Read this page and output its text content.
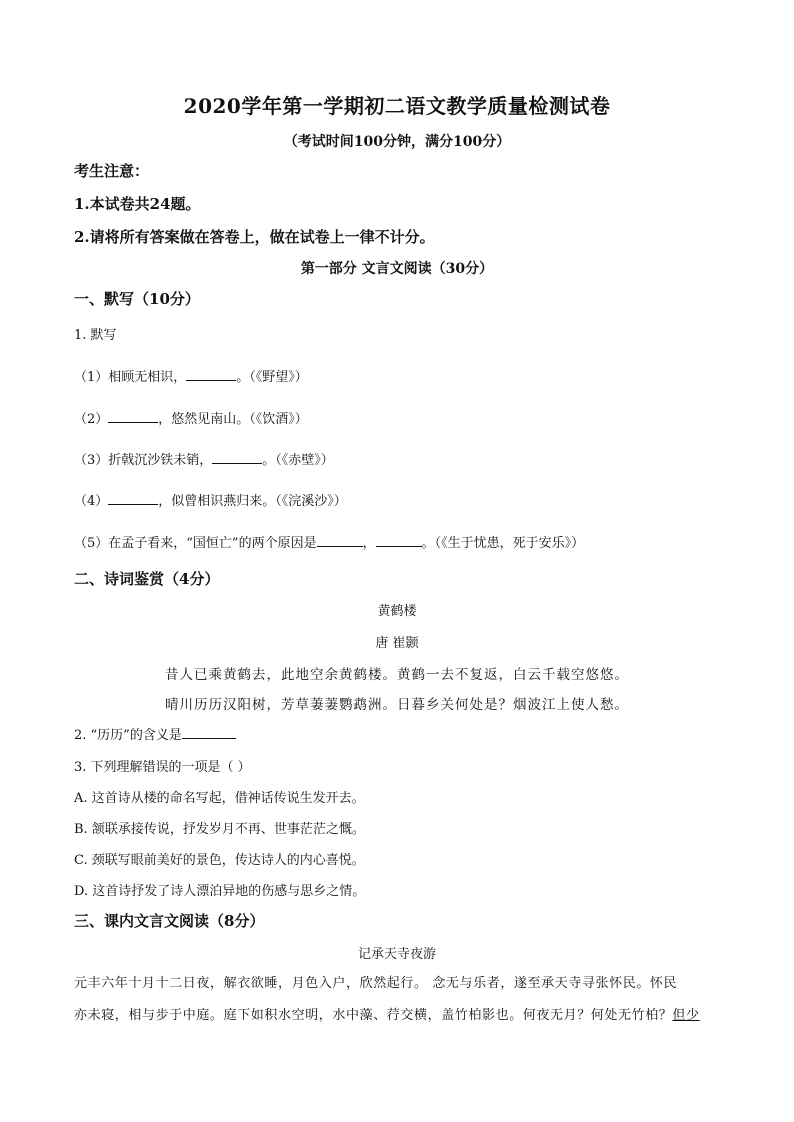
2020学年第一学期初二语文教学质量检测试卷
（考试时间100分钟，满分100分）
考生注意：
1.本试卷共24题。
2.请将所有答案做在答卷上，做在试卷上一律不计分。
第一部分 文言文阅读（30分）
一、默写（10分）
1. 默写
（1）相顾无相识，	。（《野望》）
（2）	，悠然见南山。（《饮酒》）
（3）折戟沉沙铁未销，	。（《赤壁》）
（4）	，似曾相识燕归来。（《浣溪沙》）
（5）在孟子看来，“国恒亡”的两个原因是	，	。（《生于忧患，死于安乐》）
二、诗词鉴赏（4分）
黄鹤楼
唐 崔颢
昔人已乘黄鹤去，此地空余黄鹤楼。黄鹤一去不复返，白云千载空悠悠。
晴川历历汉阳树，芳草萋萋鹦鹉洲。日暮乡关何处是？烟波江上使人愁。
2. “历历”的含义是
3. 下列理解错误的一项是（ ）
A. 这首诗从楼的命名写起，借神话传说生发开去。
B. 颔联承接传说，抒发岁月不再、世事茫茫之慨。
C. 颈联写眼前美好的景色，传达诗人的内心喜悦。
D. 这首诗抒发了诗人漂泊异地的伤感与思乡之情。
三、课内文言文阅读（8分）
记承天寺夜游
元丰六年十月十二日夜，解衣欲睡，月色入户，欣然起行。 念无与乐者，遂至承天寺寻张怀民。怀民
亦未寝，相与步于中庭。庭下如积水空明，水中藻、荇交横，盖竹柏影也。何夜无月？何处无竹柏？但少
